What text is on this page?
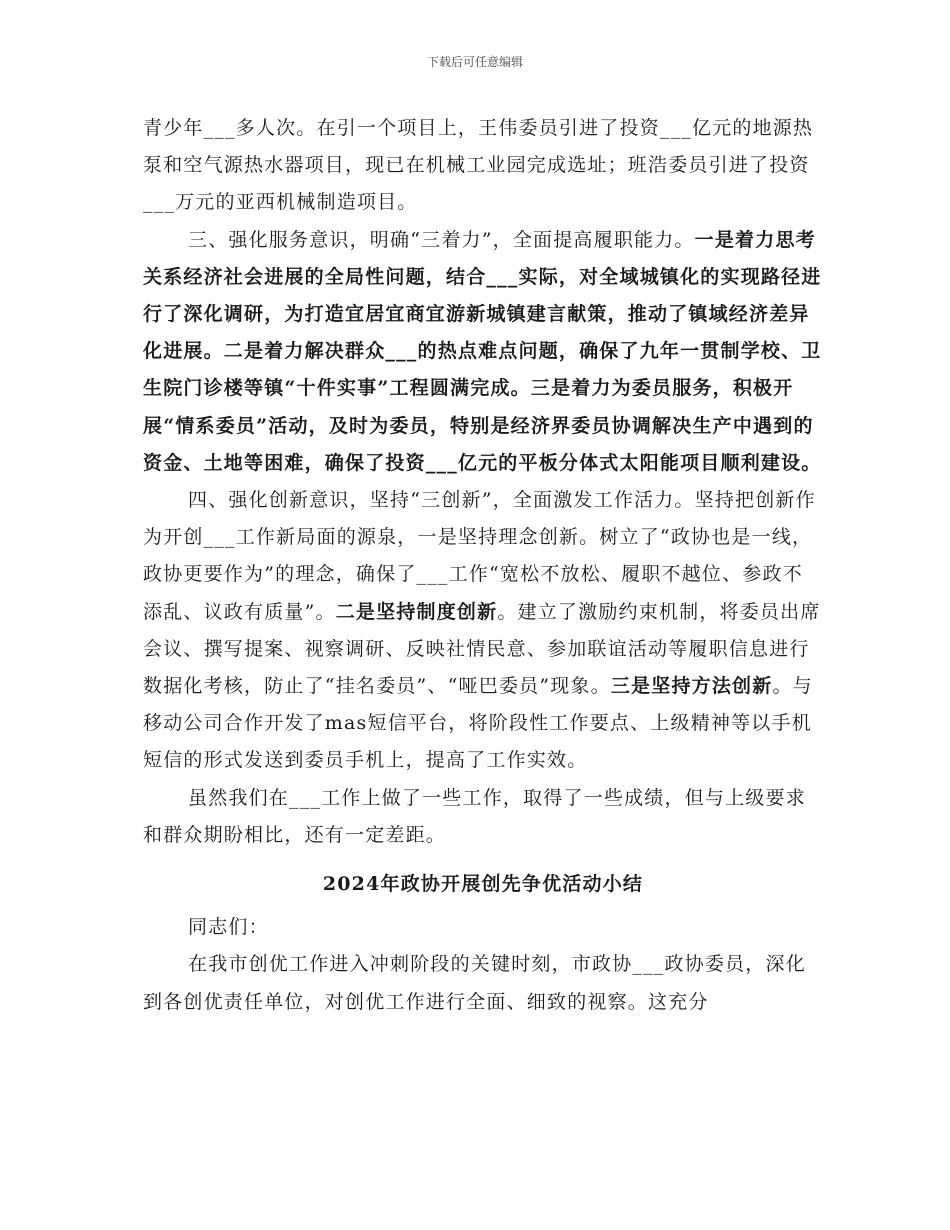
下载后可任意编辑

青少年___多人次。在引一个项目上，王伟委员引进了投资___亿元的地源热泵和空气源热水器项目，现已在机械工业园完成选址；班浩委员引进了投资___万元的亚西机械制造项目。

三、强化服务意识，明确“三着力”，全面提高履职能力。一是着力思考关系经济社会进展的全局性问题，结合___实际，对全域城镇化的实现路径进行了深化调研，为打造宜居宜商宜游新城镇建言献策，推动了镇域经济差异化进展。二是着力解决群众___的热点难点问题，确保了九年一贯制学校、卫生院门诊楼等镇“十件实事”工程圆满完成。三是着力为委员服务，积极开展“情系委员”活动，及时为委员，特别是经济界委员协调解决生产中遇到的资金、土地等困难，确保了投资___亿元的平板分体式太阳能项目顺利建设。

四、强化创新意识，坚持“三创新”，全面激发工作活力。坚持把创新作为开创___工作新局面的源泉，一是坚持理念创新。树立了“政协也是一线，政协更要作为”的理念，确保了___工作“宽松不放松、履职不越位、参政不添乱、议政有质量”。二是坚持制度创新。建立了激励约束机制，将委员出席会议、撰写提案、视察调研、反映社情民意、参加联谊活动等履职信息进行数据化考核，防止了“挂名委员”、“哑巴委员”现象。三是坚持方法创新。与移动公司合作开发了mas短信平台，将阶段性工作要点、上级精神等以手机短信的形式发送到委员手机上，提高了工作实效。

虽然我们在___工作上做了一些工作，取得了一些成绩，但与上级要求和群众期盼相比，还有一定差距。

2024年政协开展创先争优活动小结

同志们：

在我市创优工作进入冲刺阶段的关键时刻，市政协___政协委员，深化到各创优责任单位，对创优工作进行全面、细致的视察。这充分
